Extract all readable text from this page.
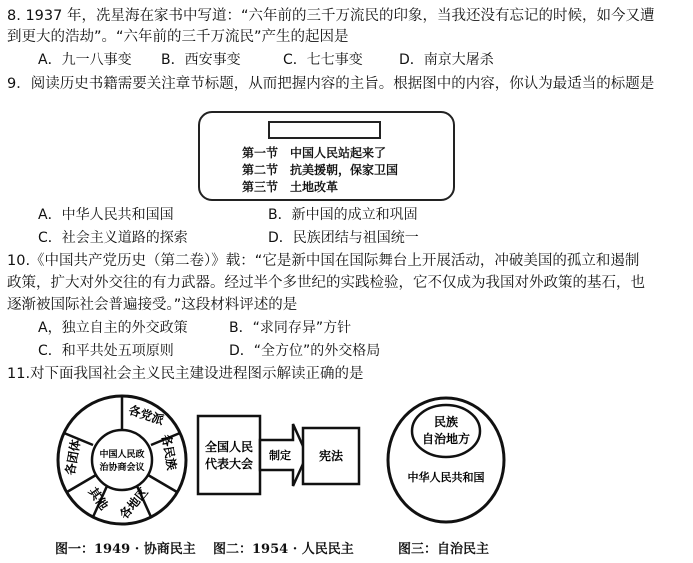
8. 1937 年，冼星海在家书中写道：“六年前的三千万流民的印象，当我还没有忘记的时候，如今又遭
到更大的浩劫”。“六年前的三千万流民”产生的起因是
A．九一八事变 B．西安事变	C．七七事变	D．南京大屠杀
9．阅读历史书籍需要关注章节标题，从而把握内容的主旨。根据图中的内容，你认为最适当的标题是
第一节　中国人民站起来了
第二节　抗美援朝，保家卫国
第三节　土地改革
A．中华人民共和国国	B．新中国的成立和巩固
C．社会主义道路的探索	D．民族团结与祖国统一
10.《中国共产党历史（第二卷）》载：“它是新中国在国际舞台上开展活动，冲破美国的孤立和遏制
政策，扩大对外交往的有力武器。经过半个多世纪的实践检验，它不仅成为我国对外政策的基石，也
逐渐被国际社会普遍接受。”这段材料评述的是
A，独立自主的外交政策	B．“求同存异”方针
C．和平共处五项原则	D．“全方位”的外交格局
11.对下面我国社会主义民主建设进程图示解读正确的是
中国人民政
治协商会议
各党派
各民族
各地区
其他
各团体	全国人民
代表大会
制定 宪法
民族
自治地方
中华人民共和国
图一：1949 · 协商民主 图二：1954 · 人民民主	图三：自治民主
